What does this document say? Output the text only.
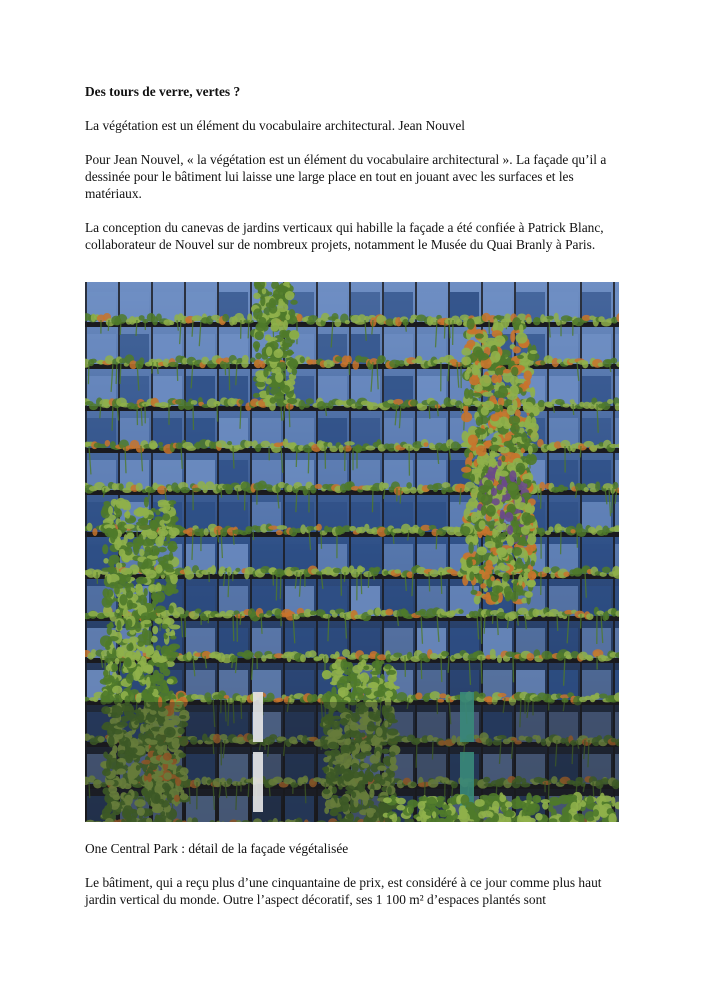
Des tours de verre, vertes ?

La végétation est un élément du vocabulaire architectural. Jean Nouvel

Pour Jean Nouvel, « la végétation est un élément du vocabulaire architectural ». La façade qu’il a dessinée pour le bâtiment lui laisse une large place en tout en jouant avec les surfaces et les matériaux.

La conception du canevas de jardins verticaux qui habille la façade a été confiée à Patrick Blanc, collaborateur de Nouvel sur de nombreux projets, notamment le Musée du Quai Branly à Paris.

One Central Park : détail de la façade végétalisée

Le bâtiment, qui a reçu plus d’une cinquantaine de prix, est considéré à ce jour comme plus haut jardin vertical du monde. Outre l’aspect décoratif, ses 1 100 m² d’espaces plantés sont
